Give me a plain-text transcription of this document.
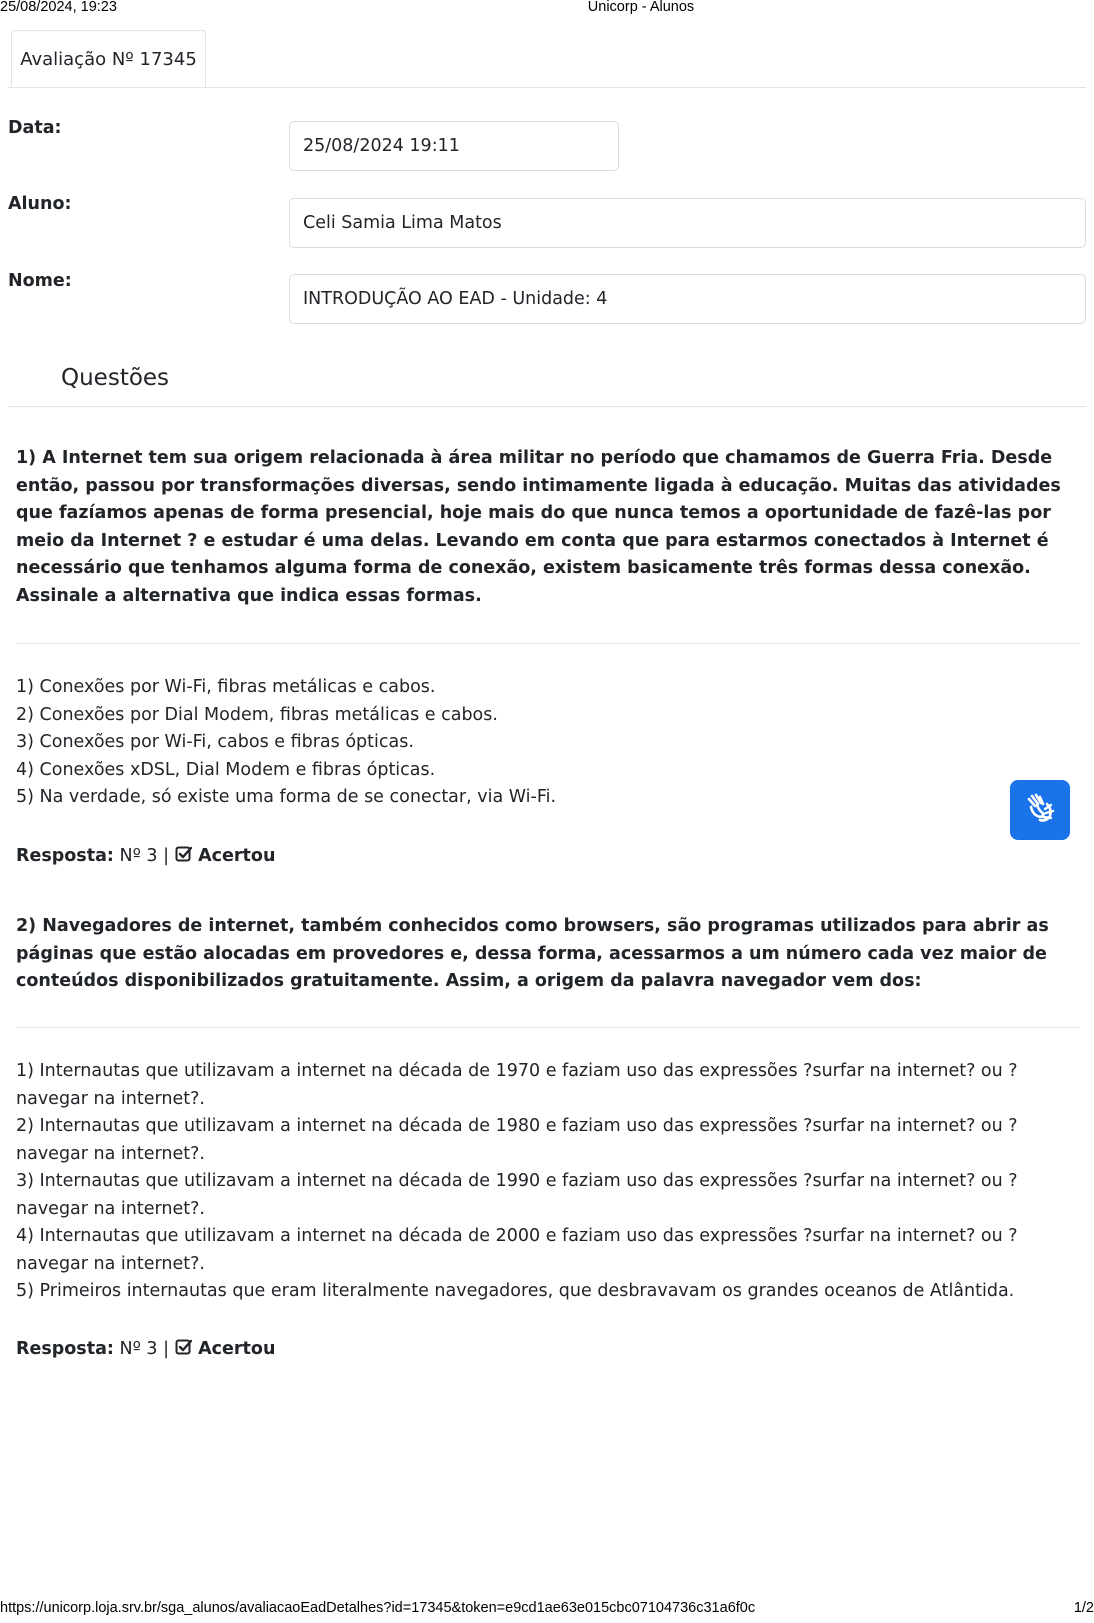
25/08/2024, 19:23	Unicorp - Alunos
Avaliação Nº 17345
Data:
25/08/2024 19:11
Aluno:
Celi Samia Lima Matos
Nome:
INTRODUÇÃO AO EAD - Unidade: 4
Questões
1) A Internet tem sua origem relacionada à área militar no período que chamamos de Guerra Fria. Desde então, passou por transformações diversas, sendo intimamente ligada à educação. Muitas das atividades que fazíamos apenas de forma presencial, hoje mais do que nunca temos a oportunidade de fazê-las por meio da Internet ? e estudar é uma delas. Levando em conta que para estarmos conectados à Internet é necessário que tenhamos alguma forma de conexão, existem basicamente três formas dessa conexão. Assinale a alternativa que indica essas formas.
1) Conexões por Wi-Fi, fibras metálicas e cabos.
2) Conexões por Dial Modem, fibras metálicas e cabos.
3) Conexões por Wi-Fi, cabos e fibras ópticas.
4) Conexões xDSL, Dial Modem e fibras ópticas.
5) Na verdade, só existe uma forma de se conectar, via Wi-Fi.
Resposta: Nº 3 | Acertou
2) Navegadores de internet, também conhecidos como browsers, são programas utilizados para abrir as páginas que estão alocadas em provedores e, dessa forma, acessarmos a um número cada vez maior de conteúdos disponibilizados gratuitamente. Assim, a origem da palavra navegador vem dos:
1) Internautas que utilizavam a internet na década de 1970 e faziam uso das expressões ?surfar na internet? ou ?navegar na internet?.
2) Internautas que utilizavam a internet na década de 1980 e faziam uso das expressões ?surfar na internet? ou ?navegar na internet?.
3) Internautas que utilizavam a internet na década de 1990 e faziam uso das expressões ?surfar na internet? ou ?navegar na internet?.
4) Internautas que utilizavam a internet na década de 2000 e faziam uso das expressões ?surfar na internet? ou ?navegar na internet?.
5) Primeiros internautas que eram literalmente navegadores, que desbravavam os grandes oceanos de Atlântida.
Resposta: Nº 3 | Acertou
https://unicorp.loja.srv.br/sga_alunos/avaliacaoEadDetalhes?id=17345&token=e9cd1ae63e015cbc07104736c31a6f0c	1/2
